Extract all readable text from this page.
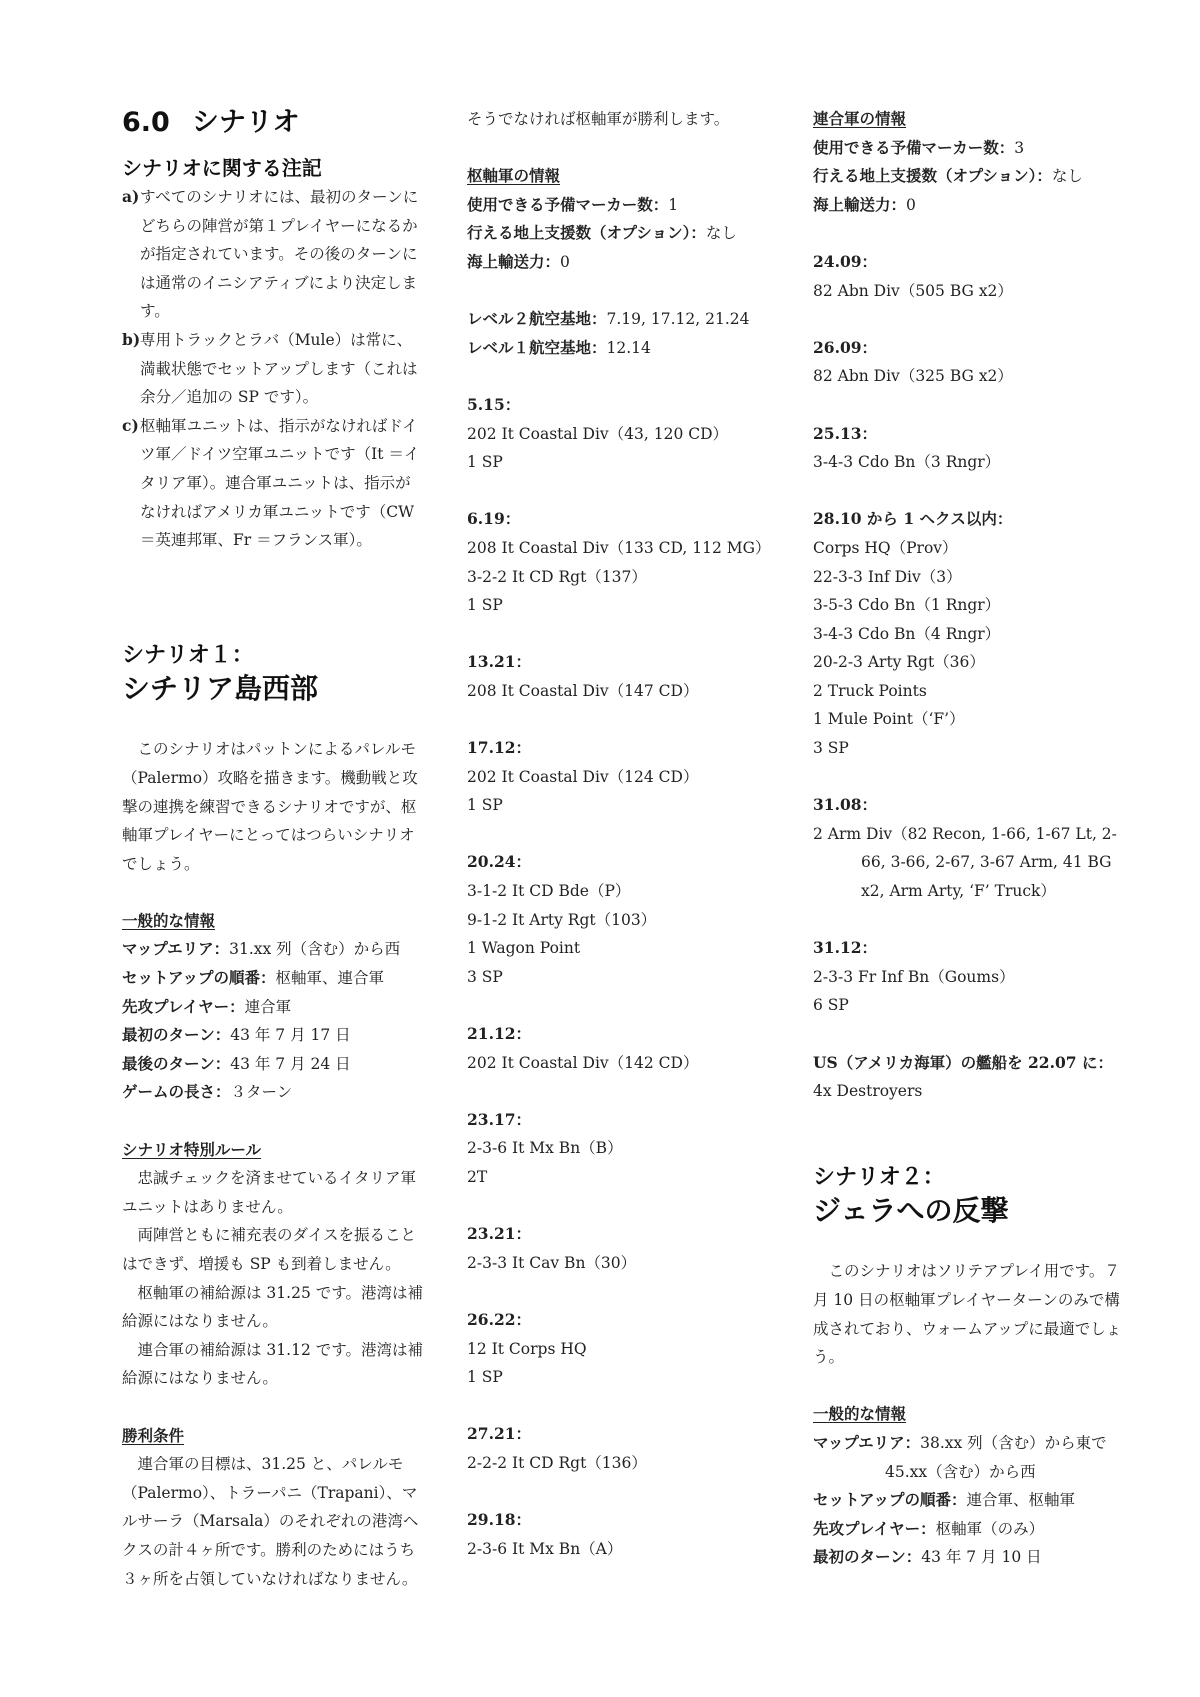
6.0 シナリオ
シナリオに関する注記
a) すべてのシナリオには、最初のターンにどちらの陣営が第１プレイヤーになるかが指定されています。その後のターンには通常のイニシアティブにより決定します。
b) 専用トラックとラバ（Mule）は常に、満載状態でセットアップします（これは余分／追加の SP です）。
c) 枢軸軍ユニットは、指示がなければドイツ軍／ドイツ空軍ユニットです（It ＝イタリア軍）。連合軍ユニットは、指示がなければアメリカ軍ユニットです（CW ＝英連邦軍、Fr ＝フランス軍）。
シナリオ１：
シチリア島西部

このシナリオはパットンによるパレルモ（Palermo）攻略を描きます。機動戦と攻撃の連携を練習できるシナリオですが、枢軸軍プレイヤーにとってはつらいシナリオでしょう。

一般的な情報

マップエリア：31.xx 列（含む）から西

セットアップの順番：枢軸軍、連合軍

先攻プレイヤー：連合軍

最初のターン：43 年 7 月 17 日

最後のターン：43 年 7 月 24 日

ゲームの長さ：３ターン

シナリオ特別ルール

忠誠チェックを済ませているイタリア軍ユニットはありません。

両陣営ともに補充表のダイスを振ることはできず、増援も SP も到着しません。

枢軸軍の補給源は 31.25 です。港湾は補給源にはなりません。

連合軍の補給源は 31.12 です。港湾は補給源にはなりません。

勝利条件

連合軍の目標は、31.25 と、パレルモ（Palermo）、トラーパニ（Trapani）、マルサーラ（Marsala）のそれぞれの港湾ヘクスの計４ヶ所です。勝利のためにはうち３ヶ所を占領していなければなりません。

そうでなければ枢軸軍が勝利します。

枢軸軍の情報

使用できる予備マーカー数：1

行える地上支援数（オプション）：なし

海上輸送力：0

レベル２航空基地：7.19, 17.12, 21.24

レベル１航空基地：12.14

5.15：

202 It Coastal Div（43, 120 CD）

1 SP

6.19：

208 It Coastal Div（133 CD, 112 MG）

3-2-2 It CD Rgt（137）

1 SP

13.21：

208 It Coastal Div（147 CD）

17.12：

202 It Coastal Div（124 CD）

1 SP

20.24：

3-1-2 It CD Bde（P）

9-1-2 It Arty Rgt（103）

1 Wagon Point

3 SP

21.12：

202 It Coastal Div（142 CD）

23.17：

2-3-6 It Mx Bn（B）

2T

23.21：

2-3-3 It Cav Bn（30）

26.22：

12 It Corps HQ

1 SP

27.21：

2-2-2 It CD Rgt（136）

29.18：

2-3-6 It Mx Bn（A）

連合軍の情報

使用できる予備マーカー数：3

行える地上支援数（オプション）：なし

海上輸送力：0

24.09：

82 Abn Div（505 BG x2）

26.09：

82 Abn Div（325 BG x2）

25.13：

3-4-3 Cdo Bn（3 Rngr）

28.10 から 1 ヘクス以内：

Corps HQ（Prov）

22-3-3 Inf Div（3）

3-5-3 Cdo Bn（1 Rngr）

3-4-3 Cdo Bn（4 Rngr）

20-2-3 Arty Rgt（36）

2 Truck Points

1 Mule Point（‘F’）

3 SP

31.08：

2 Arm Div（82 Recon, 1-66, 1-67 Lt, 2-66, 3-66, 2-67, 3-67 Arm, 41 BG x2, Arm Arty, ‘F’ Truck）

31.12：

2-3-3 Fr Inf Bn（Goums）

6 SP

US（アメリカ海軍）の艦船を 22.07 に：

4x Destroyers

シナリオ２：
ジェラへの反撃

このシナリオはソリテアプレイ用です。７月 10 日の枢軸軍プレイヤーターンのみで構成されており、ウォームアップに最適でしょう。

一般的な情報

マップエリア：38.xx 列（含む）から東で 45.xx（含む）から西

セットアップの順番：連合軍、枢軸軍

先攻プレイヤー：枢軸軍（のみ）

最初のターン：43 年 7 月 10 日
